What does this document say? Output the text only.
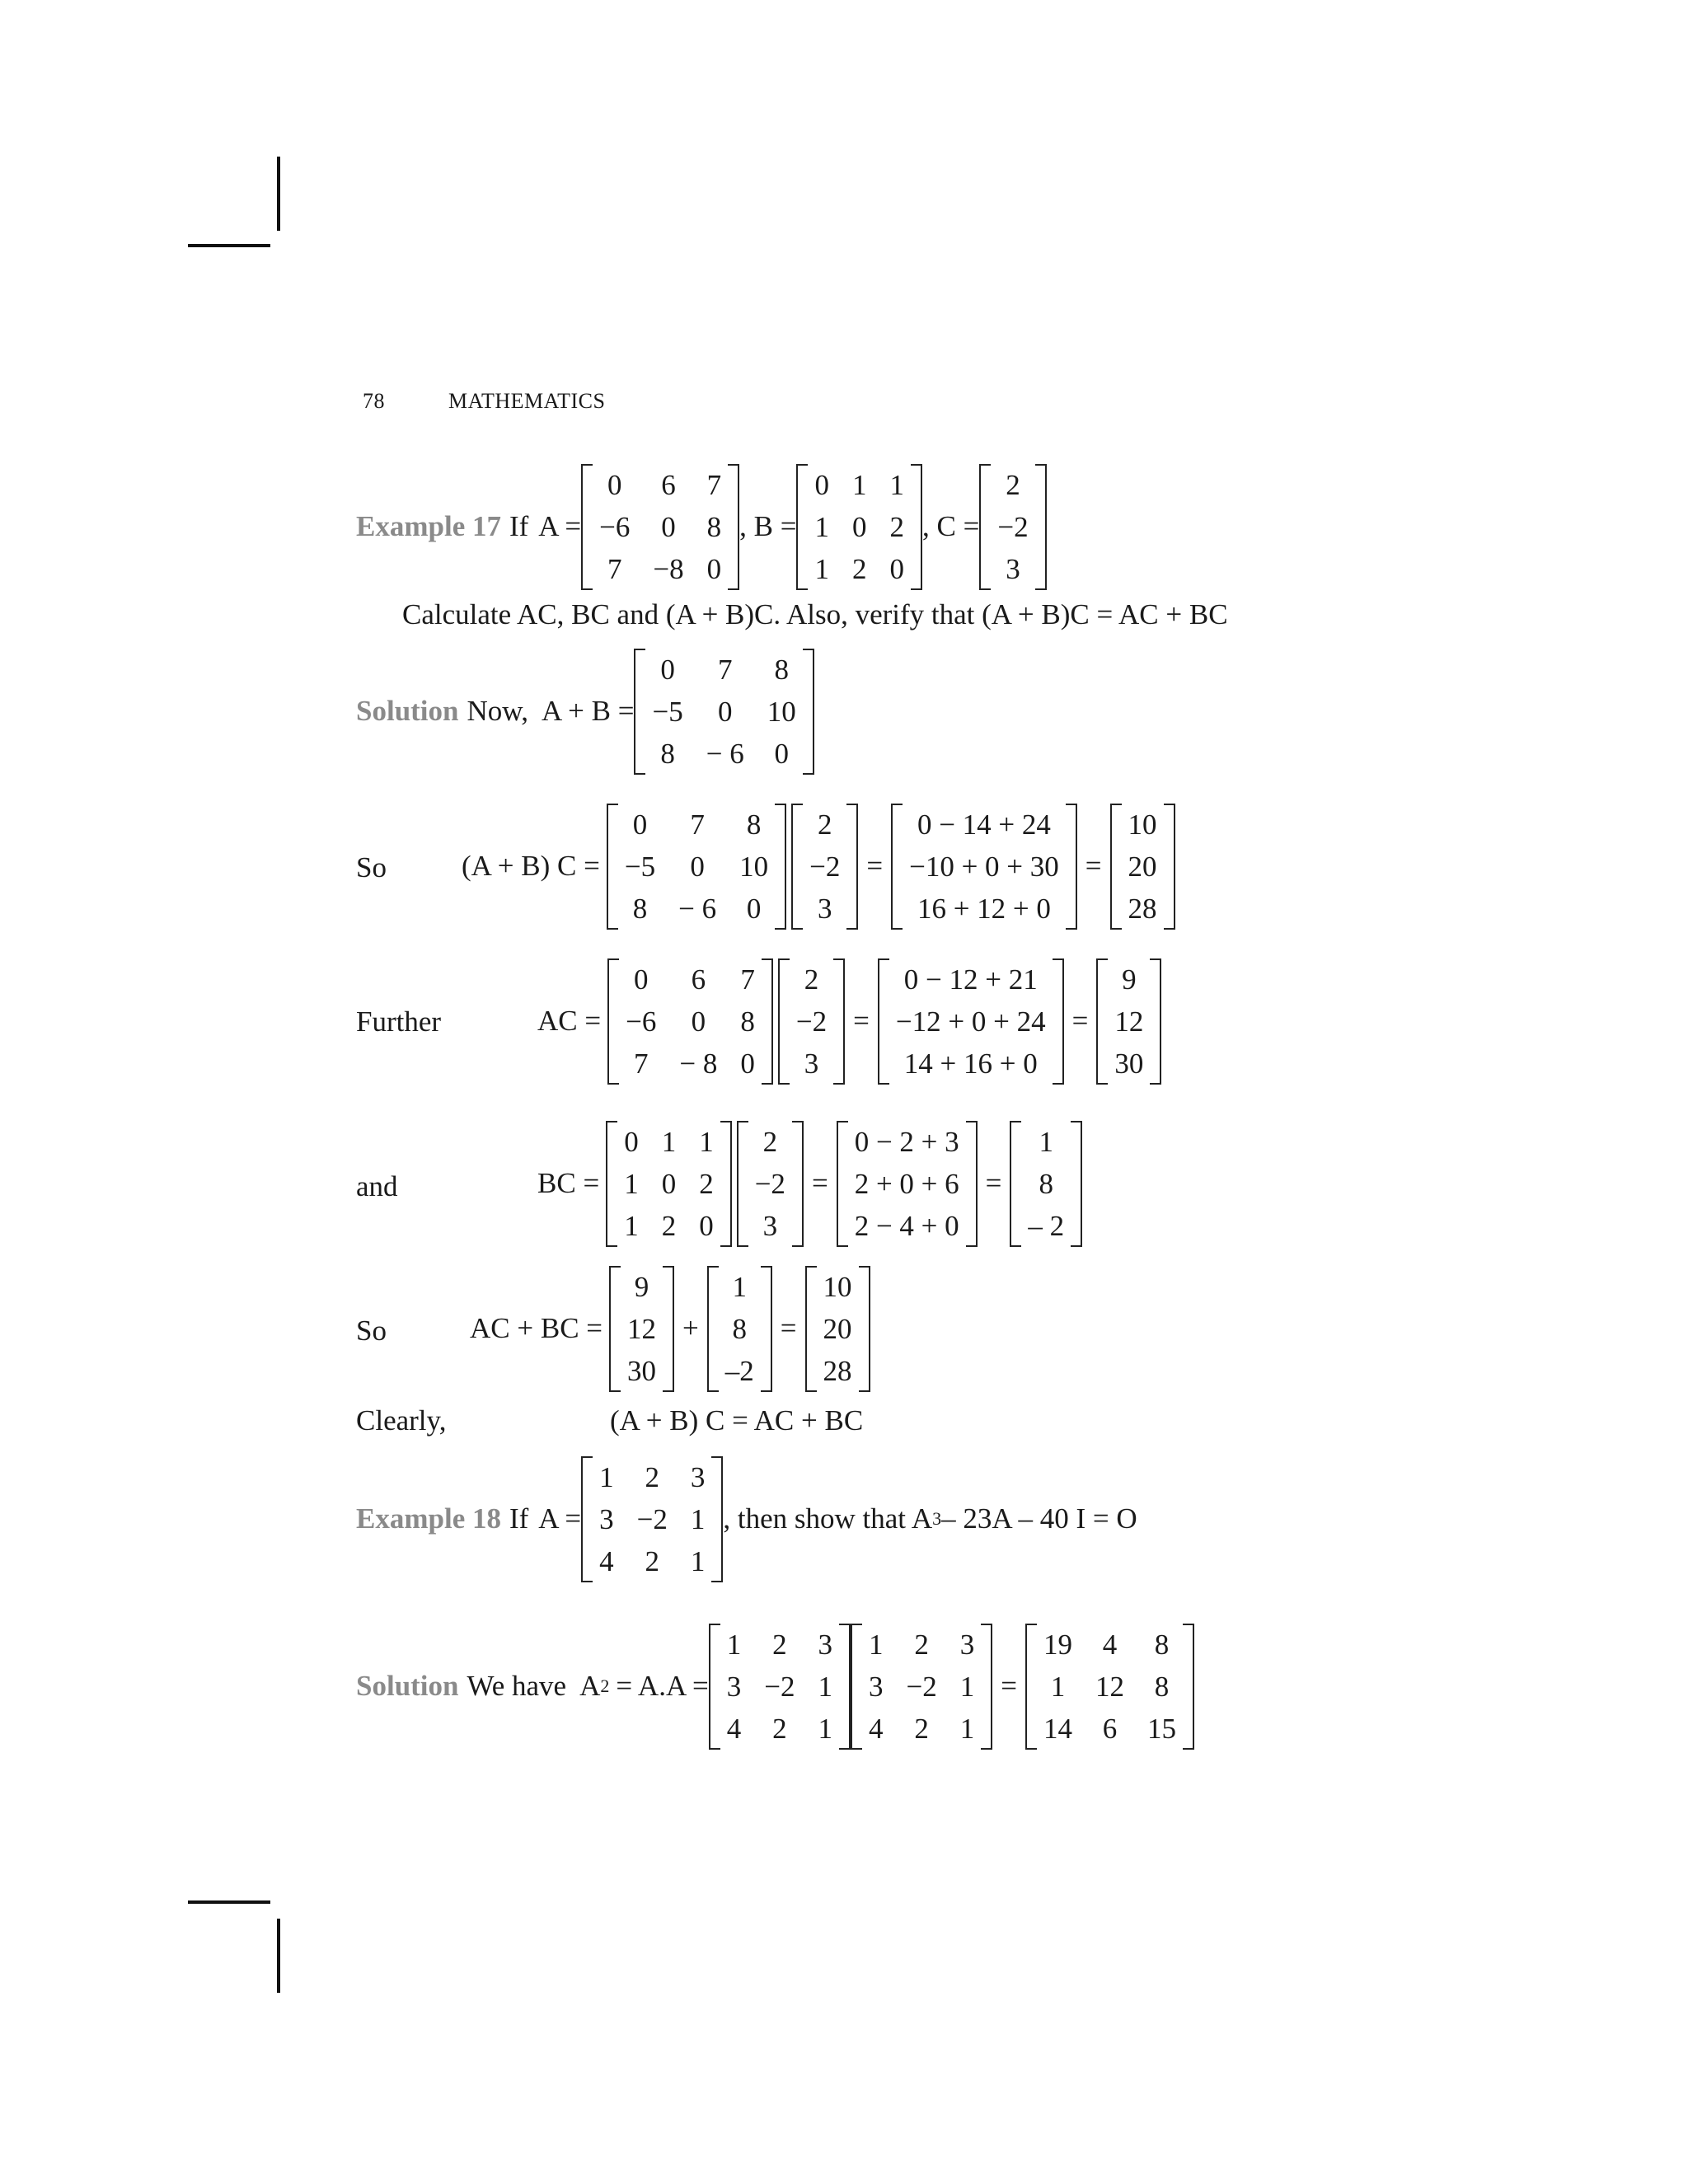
78	MATHEMATICS
Example 17 If A =
0 6 7
−6 0 8
7 −8 0
, B =
0 1 1
1 0 2
1 2 0
, C =
2
−2
3
Calculate AC, BC and (A + B)C. Also, verify that (A + B)C = AC + BC
Solution Now, A + B =
0	7	8
−5	0	10
8 − 6 0
So	(A + B) C =
0	7	8
−5	0	10
8 − 6 0
2
−2
3
=
0 − 14 + 24
−10 + 0 + 30
16 + 12 + 0
=
10
20
28
Further	AC =
0	6	7
−6	0	8
7 − 8 0
2
−2
3
=
0 − 12 + 21
−12 + 0 + 24
14 + 16 + 0
=
9
12
30
and	BC =
0 1 1
1 0 2
1 2 0
2
−2
3
=
0 − 2 + 3
2 + 0 + 6
2 − 4 + 0
=
1
8
– 2
So	AC + BC =
9
12
30
+
1
8
–2
=
10
20
28
Clearly,	(A + B) C = AC + BC
Example 18 If A =
1 2 3
3 −2 1
4 2 1
, then show that A 3 – 23A – 40 I = O
Solution We have A 2 = A.A =
1 2 3
3 −2 1
4 2 1
1 2 3
3 −2 1
4 2 1
=
19 4 8
1 12 8
14 6 15
